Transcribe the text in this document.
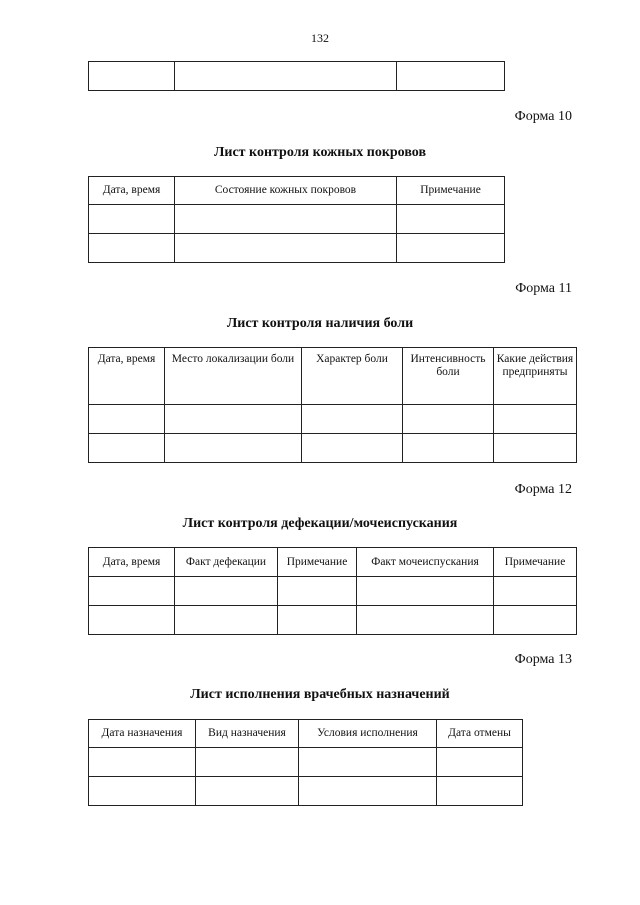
132

Форма 10
Лист контроля кожных покровов
Дата, время	Состояние кожных покровов	Примечание

Форма 11
Лист контроля наличия боли
Дата, время	Место локализации боли	Характер боли	Интенсивность боли	Какие действия предприняты

Форма 12
Лист контроля дефекации/мочеиспускания
Дата, время	Факт дефекации	Примечание	Факт мочеиспускания	Примечание

Форма 13
Лист исполнения врачебных назначений
Дата назначения	Вид назначения	Условия исполнения	Дата отмены
